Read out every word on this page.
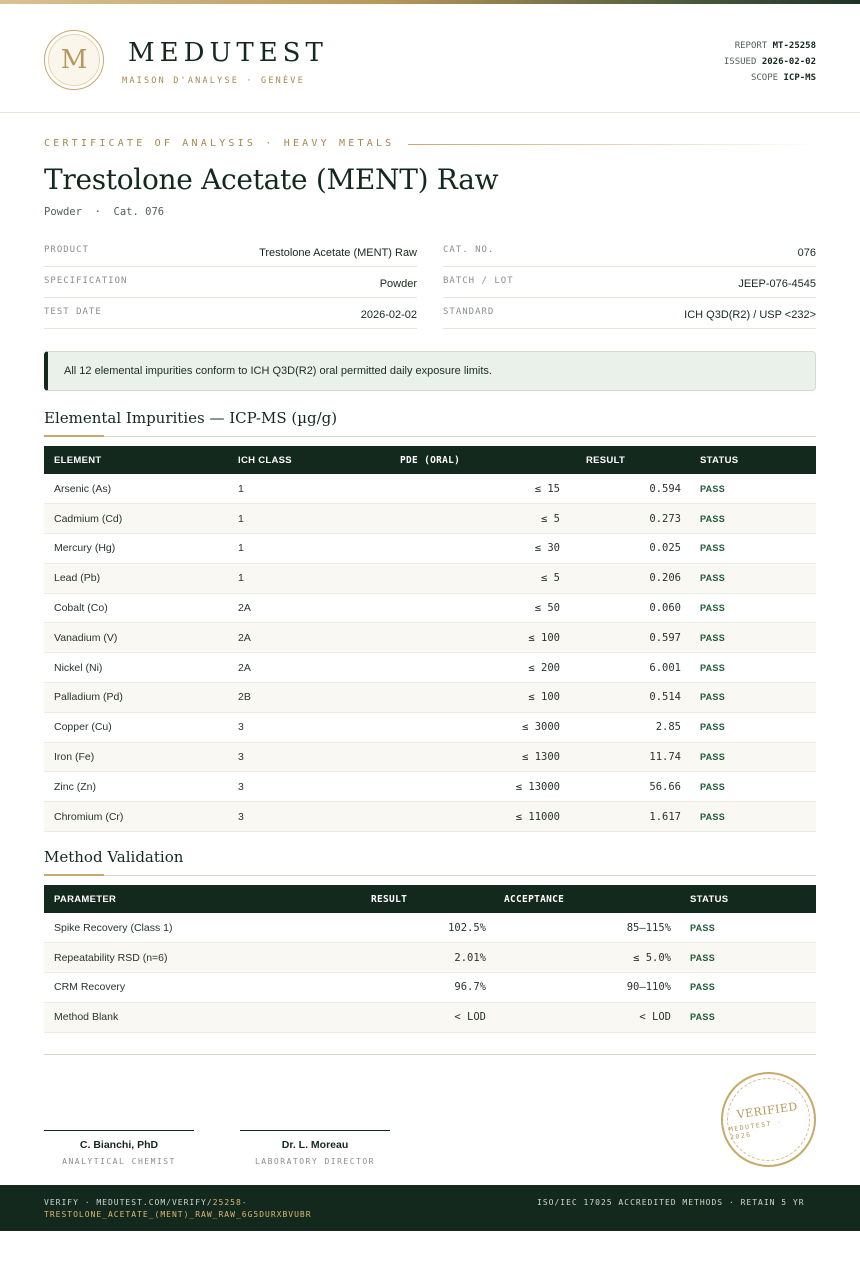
M	MEDUTEST
MAISON D'ANALYSE · GENÈVE
REPORT MT-25258
ISSUED 2026-02-02
SCOPE ICP-MS
CERTIFICATE OF ANALYSIS · HEAVY METALS
Trestolone Acetate (MENT) Raw
Powder  ·  Cat. 076
PRODUCT	Trestolone Acetate (MENT) Raw
SPECIFICATION	Powder
TEST DATE	2026-02-02
CAT. NO.	076
BATCH / LOT	JEEP-076-4545
STANDARD	ICH Q3D(R2) / USP <232>
All 12 elemental impurities conform to ICH Q3D(R2) oral permitted daily exposure limits.
Elemental Impurities — ICP-MS (µg/g)
ELEMENT	ICH CLASS	PDE (ORAL)	RESULT	STATUS
Arsenic (As)	1	≤ 15	0.594	PASS
Cadmium (Cd)	1	≤ 5	0.273	PASS
Mercury (Hg)	1	≤ 30	0.025	PASS
Lead (Pb)	1	≤ 5	0.206	PASS
Cobalt (Co)	2A	≤ 50	0.060	PASS
Vanadium (V)	2A	≤ 100	0.597	PASS
Nickel (Ni)	2A	≤ 200	6.001	PASS
Palladium (Pd)	2B	≤ 100	0.514	PASS
Copper (Cu)	3	≤ 3000	2.85	PASS
Iron (Fe)	3	≤ 1300	11.74	PASS
Zinc (Zn)	3	≤ 13000	56.66	PASS
Chromium (Cr)	3	≤ 11000	1.617	PASS
Method Validation
PARAMETER	RESULT	ACCEPTANCE	STATUS
Spike Recovery (Class 1)	102.5%	85–115%	PASS
Repeatability RSD (n=6)	2.01%	≤ 5.0%	PASS
CRM Recovery	96.7%	90–110%	PASS
Method Blank	< LOD	< LOD	PASS
C. Bianchi, PhD
ANALYTICAL CHEMIST
Dr. L. Moreau
LABORATORY DIRECTOR
VERIFIED
MEDUTEST · 2026
VERIFY · MEDUTEST.COM/VERIFY/25258-TRESTOLONE_ACETATE_(MENT)_RAW_RAW_6G5DURXBVUBR
ISO/IEC 17025 ACCREDITED METHODS · RETAIN 5 YR
